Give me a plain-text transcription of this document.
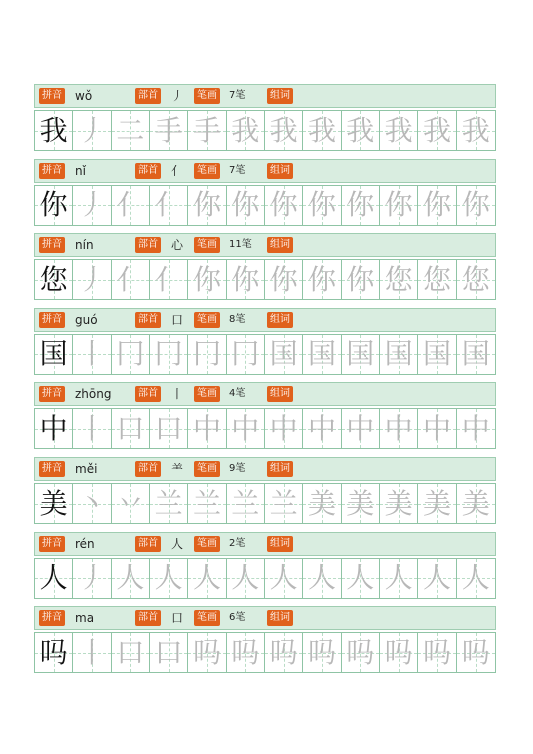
拼音 wǒ	部首 丿	笔画	7笔	组词
我 丿 二 手 手 我 我 我 我 我 我 我
拼音 nǐ	部首 亻	笔画	7笔	组词
你 丿 亻 亻 你 你 你 你 你 你 你 你
拼音 nín	部首 心	笔画	11笔	组词
您 丿 亻 亻 你 你 你 你 你 您 您 您
拼音 guó	部首 口	笔画	8笔	组词
国 丨 冂 冂 冂 冂 国 国 国 国 国 国
拼音 zhōng	部首 丨	笔画	4笔	组词
中 丨 口 口 中 中 中 中 中 中 中 中
拼音 měi	部首 ⺷	笔画	9笔	组词
美 丶 丷 兰 兰 兰 兰 美 美 美 美 美
拼音 rén	部首 人	笔画	2笔	组词
人 丿 人 人 人 人 人 人 人 人 人 人
拼音 ma	部首 口	笔画	6笔	组词
吗 丨 口 口 吗 吗 吗 吗 吗 吗 吗 吗
